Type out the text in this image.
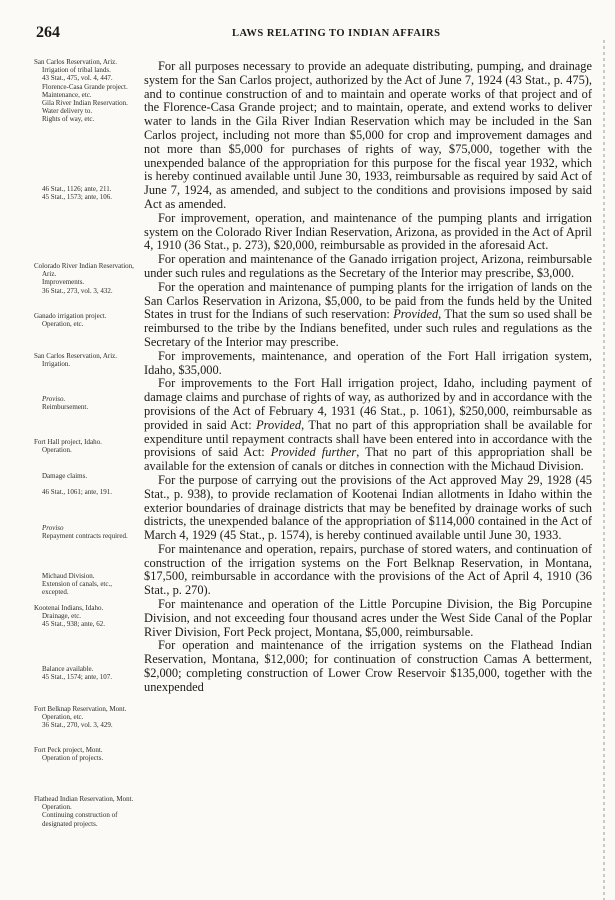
264	LAWS RELATING TO INDIAN AFFAIRS
San Carlos Reservation, Ariz.
Irrigation of tribal lands.
43 Stat., 475, vol. 4, 447.
Florence-Casa Grande project.
Maintenance, etc.
Gila River Indian Reservation.
Water delivery to.
Rights of way, etc.
46 Stat., 1126; ante, 211.
45 Stat., 1573; ante, 106.
Colorado River Indian Reservation, Ariz.
Improvements.
36 Stat., 273, vol. 3, 432.
Ganado irrigation project.
Operation, etc.
San Carlos Reservation, Ariz.
Irrigation.
Proviso.
Reimbursement.
Fort Hall project, Idaho.
Operation.
Damage claims.
46 Stat., 1061; ante, 191.
Proviso
Repayment contracts required.
Michaud Division.
Extension of canals, etc., excepted.
Kootenai Indians, Idaho.
Drainage, etc.
45 Stat., 938; ante, 62.
Balance available.
45 Stat., 1574; ante, 107.
Fort Belknap Reservation, Mont.
Operation, etc.
36 Stat., 270, vol. 3, 429.
Fort Peck project, Mont.
Operation of projects.
Flathead Indian Reservation, Mont.
Operation.
Continuing construction of designated projects.

For all purposes necessary to provide an adequate distributing, pumping, and drainage system for the San Carlos project, authorized by the Act of June 7, 1924 (43 Stat., p. 475), and to continue construction of and to maintain and operate works of that project and of the Florence-Casa Grande project; and to maintain, operate, and extend works to deliver water to lands in the Gila River Indian Reservation which may be included in the San Carlos project, including not more than $5,000 for crop and improvement damages and not more than $5,000 for purchases of rights of way, $75,000, together with the unexpended balance of the appropriation for this purpose for the fiscal year 1932, which is hereby continued available until June 30, 1933, reimbursable as required by said Act of June 7, 1924, as amended, and subject to the conditions and provisions imposed by said Act as amended.

For improvement, operation, and maintenance of the pumping plants and irrigation system on the Colorado River Indian Reservation, Arizona, as provided in the Act of April 4, 1910 (36 Stat., p. 273), $20,000, reimbursable as provided in the aforesaid Act.

For operation and maintenance of the Ganado irrigation project, Arizona, reimbursable under such rules and regulations as the Secretary of the Interior may prescribe, $3,000.

For the operation and maintenance of pumping plants for the irrigation of lands on the San Carlos Reservation in Arizona, $5,000, to be paid from the funds held by the United States in trust for the Indians of such reservation: Provided, That the sum so used shall be reimbursed to the tribe by the Indians benefited, under such rules and regulations as the Secretary of the Interior may prescribe.

For improvements, maintenance, and operation of the Fort Hall irrigation system, Idaho, $35,000.

For improvements to the Fort Hall irrigation project, Idaho, including payment of damage claims and purchase of rights of way, as authorized by and in accordance with the provisions of the Act of February 4, 1931 (46 Stat., p. 1061), $250,000, reimbursable as provided in said Act: Provided, That no part of this appropriation shall be available for expenditure until repayment contracts shall have been entered into in accordance with the provisions of said Act: Provided further, That no part of this appropriation shall be available for the extension of canals or ditches in connection with the Michaud Division.

For the purpose of carrying out the provisions of the Act approved May 29, 1928 (45 Stat., p. 938), to provide reclamation of Kootenai Indian allotments in Idaho within the exterior boundaries of drainage districts that may be benefited by drainage works of such districts, the unexpended balance of the appropriation of $114,000 contained in the Act of March 4, 1929 (45 Stat., p. 1574), is hereby continued available until June 30, 1933.

For maintenance and operation, repairs, purchase of stored waters, and continuation of construction of the irrigation systems on the Fort Belknap Reservation, in Montana, $17,500, reimbursable in accordance with the provisions of the Act of April 4, 1910 (36 Stat., p. 270).

For maintenance and operation of the Little Porcupine Division, the Big Porcupine Division, and not exceeding four thousand acres under the West Side Canal of the Poplar River Division, Fort Peck project, Montana, $5,000, reimbursable.

For operation and maintenance of the irrigation systems on the Flathead Indian Reservation, Montana, $12,000; for continuation of construction Camas A betterment, $2,000; completing construction of Lower Crow Reservoir $135,000, together with the unexpended
